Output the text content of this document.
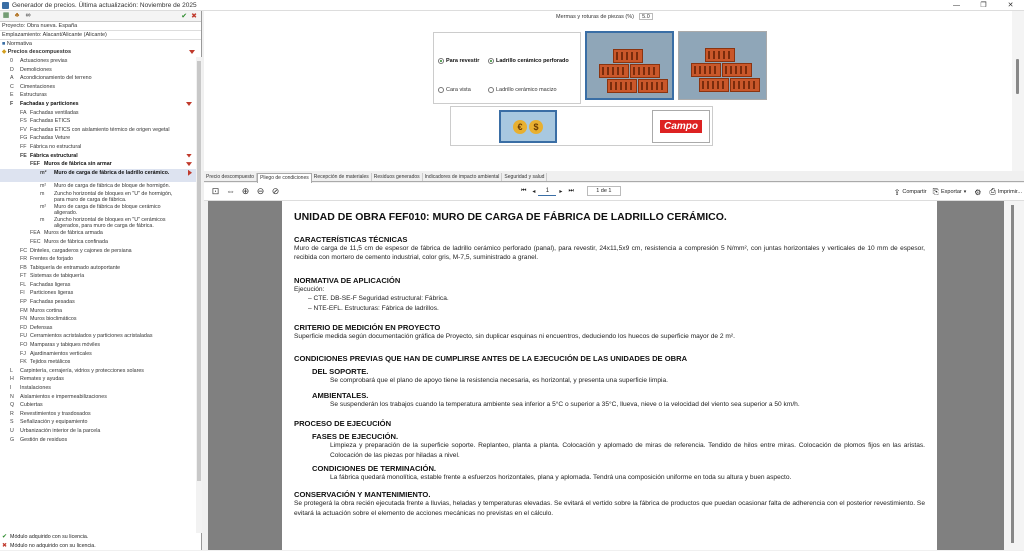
Generador de precios. Última actualización: Noviembre de 2025	—	❐	✕
▦ ♣ ∞	✔ ✖
Proyecto: Obra nueva. España
Emplazamiento: Alacant/Alicante (Alicante)
■ Normativa
◆ Precios descompuestos
0 Actuaciones previas
D Demoliciones
A Acondicionamiento del terreno
C Cimentaciones
E Estructuras
F Fachadas y particiones
FA Fachadas ventiladas
FS Fachadas ETICS
FV Fachadas ETICS con aislamiento térmico de origen vegetal
FG Fachadas Veture
FF Fábrica no estructural
FE Fábrica estructural
FEF Muros de fábrica sin armar
m² Muro de carga de fábrica de ladrillo cerámico.
m² Muro de carga de fábrica de bloque de hormigón.
m Zuncho horizontal de bloques en "U" de hormigón, para muro de carga de fábrica.
m² Muro de carga de fábrica de bloque cerámico aligerado.
m Zuncho horizontal de bloques en "U" cerámicos aligerados, para muro de carga de fábrica.
FEA Muros de fábrica armada
FEC Muros de fábrica confinada
FC Dinteles, cargaderos y cajones de persiana
FR Frentes de forjado
FB Tabiquería de entramado autoportante
FT Sistemas de tabiquería
FL Fachadas ligeras
FI Particiones ligeras
FP Fachadas pesadas
FM Muros cortina
FN Muros bioclimáticos
FD Defensas
FU Cerramientos acristalados y particiones acristaladas
FO Mamparas y tabiques móviles
FJ Ajardinamientos verticales
FK Tejidos metálicos
L Carpintería, cerrajería, vidrios y protecciones solares
H Remates y ayudas
I Instalaciones
N Aislamientos e impermeabilizaciones
Q Cubiertas
R Revestimientos y trasdosados
S Señalización y equipamiento
U Urbanización interior de la parcela
G Gestión de residuos
✔ Módulo adquirido con su licencia.
✖ Módulo no adquirido con su licencia.
Mermas y roturas de piezas (%)	5.0
Para revestir
Cara vista
Ladrillo cerámico perforado
Ladrillo cerámico macizo
€	$	Campo
Precio descompuesto	Pliego de condiciones	Recepción de materiales	Residuos generados	Indicadores de impacto ambiental	Seguridad y salud
⊡ ⇔ ⊕ ⊖ ⊘	⏮ ◂	1	▸ ⏭	1 de 1	⇪ Compartir ⎘ Exportar ▾ ⚙ ⎙ Imprimir...
UNIDAD DE OBRA FEF010: MURO DE CARGA DE FÁBRICA DE LADRILLO CERÁMICO.
CARACTERÍSTICAS TÉCNICAS
Muro de carga de 11,5 cm de espesor de fábrica de ladrillo cerámico perforado (panal), para revestir, 24x11,5x9 cm, resistencia a compresión 5 N/mm², con juntas horizontales y verticales de 10 mm de espesor, recibida con mortero de cemento industrial, color gris, M-7,5, suministrado a granel.
NORMATIVA DE APLICACIÓN
Ejecución:
– CTE. DB-SE-F Seguridad estructural: Fábrica.
– NTE-EFL. Estructuras: Fábrica de ladrillos.
CRITERIO DE MEDICIÓN EN PROYECTO
Superficie medida según documentación gráfica de Proyecto, sin duplicar esquinas ni encuentros, deduciendo los huecos de superficie mayor de 2 m².
CONDICIONES PREVIAS QUE HAN DE CUMPLIRSE ANTES DE LA EJECUCIÓN DE LAS UNIDADES DE OBRA
DEL SOPORTE.
Se comprobará que el plano de apoyo tiene la resistencia necesaria, es horizontal, y presenta una superficie limpia.
AMBIENTALES.
Se suspenderán los trabajos cuando la temperatura ambiente sea inferior a 5°C o superior a 35°C, llueva, nieve o la velocidad del viento sea superior a 50 km/h.
PROCESO DE EJECUCIÓN
FASES DE EJECUCIÓN.
Limpieza y preparación de la superficie soporte. Replanteo, planta a planta. Colocación y aplomado de miras de referencia. Tendido de hilos entre miras. Colocación de plomos fijos en las aristas. Colocación de las piezas por hiladas a nivel.
CONDICIONES DE TERMINACIÓN.
La fábrica quedará monolítica, estable frente a esfuerzos horizontales, plana y aplomada. Tendrá una composición uniforme en toda su altura y buen aspecto.
CONSERVACIÓN Y MANTENIMIENTO.
Se protegerá la obra recién ejecutada frente a lluvias, heladas y temperaturas elevadas. Se evitará el vertido sobre la fábrica de productos que puedan ocasionar falta de adherencia con el posterior revestimiento. Se evitará la actuación sobre el elemento de acciones mecánicas no previstas en el cálculo.
